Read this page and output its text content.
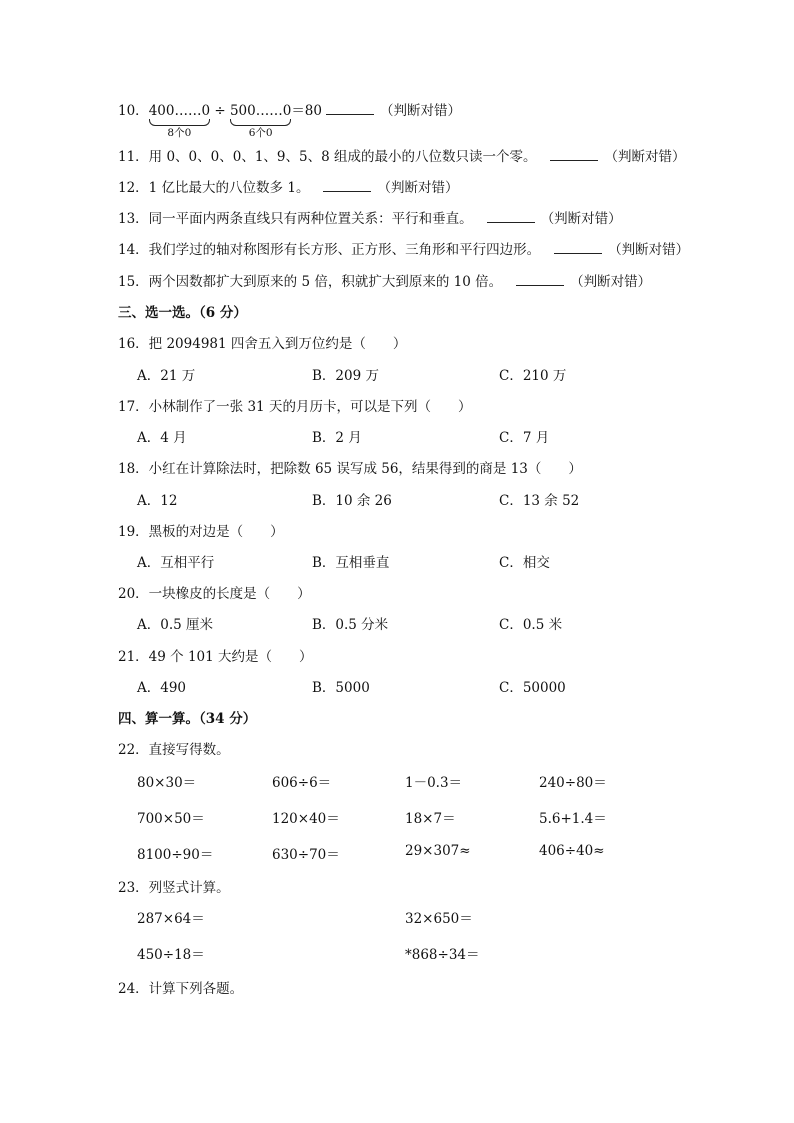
10．400……0
8个0
÷ 500……0
6个0
＝80	（判断对错）
11．用 0、0、0、0、1、9、5、8 组成的最小的八位数只读一个零。	（判断对错）
12．1 亿比最大的八位数多 1。	（判断对错）
13．同一平面内两条直线只有两种位置关系：平行和垂直。	（判断对错）
14．我们学过的轴对称图形有长方形、正方形、三角形和平行四边形。	（判断对错）
15．两个因数都扩大到原来的 5 倍，积就扩大到原来的 10 倍。	（判断对错）
三、选一选。（6 分）
16．把 2094981 四舍五入到万位约是（　　）
A．21 万	B．209 万	C．210 万
17．小林制作了一张 31 天的月历卡，可以是下列（　　）
A．4 月	B．2 月	C．7 月
18．小红在计算除法时，把除数 65 误写成 56，结果得到的商是 13（　　）
A．12	B．10 余 26	C．13 余 52
19．黑板的对边是（　　）
A．互相平行	B．互相垂直	C．相交
20．一块橡皮的长度是（　　）
A．0.5 厘米	B．0.5 分米	C．0.5 米
21．49 个 101 大约是（　　）
A．490	B．5000	C．50000
四、算一算。（34 分）
22．直接写得数。
80×30＝	606÷6＝	1－0.3＝	240÷80＝
700×50＝	120×40＝	18×7＝	5.6+1.4＝
8100÷90＝	630÷70＝	29×307≈	406÷40≈
23．列竖式计算。
287×64＝	32×650＝
450÷18＝	*868÷34＝
24．计算下列各题。
